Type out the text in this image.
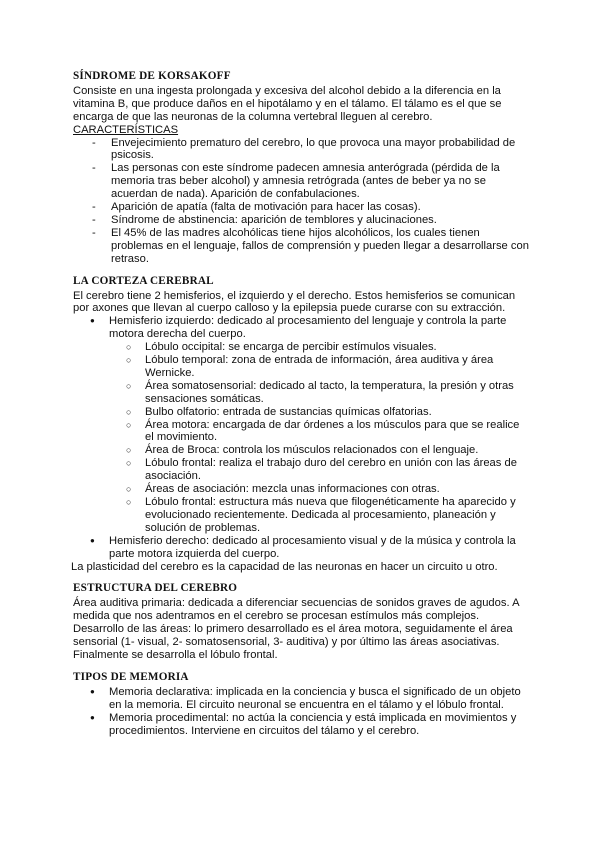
SÍNDROME DE KORSAKOFF

Consiste en una ingesta prolongada y excesiva del alcohol debido a la diferencia en la vitamina B, que produce daños en el hipotálamo y en el tálamo. El tálamo es el que se encarga de que las neuronas de la columna vertebral lleguen al cerebro.

CARACTERÍSTICAS

- Envejecimiento prematuro del cerebro, lo que provoca una mayor probabilidad de psicosis.
- Las personas con este síndrome padecen amnesia anterógrada (pérdida de la memoria tras beber alcohol) y amnesia retrógrada (antes de beber ya no se acuerdan de nada). Aparición de confabulaciones.
- Aparición de apatía (falta de motivación para hacer las cosas).
- Síndrome de abstinencia: aparición de temblores y alucinaciones.
- El 45% de las madres alcohólicas tiene hijos alcohólicos, los cuales tienen problemas en el lenguaje, fallos de comprensión y pueden llegar a desarrollarse con retraso.
LA CORTEZA CEREBRAL

El cerebro tiene 2 hemisferios, el izquierdo y el derecho. Estos hemisferios se comunican por axones que llevan al cuerpo calloso y la epilepsia puede curarse con su extracción.

● Hemisferio izquierdo: dedicado al procesamiento del lenguaje y controla la parte motora derecha del cuerpo.
○ Lóbulo occipital: se encarga de percibir estímulos visuales.
○ Lóbulo temporal: zona de entrada de información, área auditiva y área Wernicke.
○ Área somatosensorial: dedicado al tacto, la temperatura, la presión y otras sensaciones somáticas.
○ Bulbo olfatorio: entrada de sustancias químicas olfatorias.
○ Área motora: encargada de dar órdenes a los músculos para que se realice el movimiento.
○ Área de Broca: controla los músculos relacionados con el lenguaje.
○ Lóbulo frontal: realiza el trabajo duro del cerebro en unión con las áreas de asociación.
○ Áreas de asociación: mezcla unas informaciones con otras.
○ Lóbulo frontal: estructura más nueva que filogenéticamente ha aparecido y evolucionado recientemente. Dedicada al procesamiento, planeación y solución de problemas.
● Hemisferio derecho: dedicado al procesamiento visual y de la música y controla la parte motora izquierda del cuerpo.

La plasticidad del cerebro es la capacidad de las neuronas en hacer un circuito u otro.

ESTRUCTURA DEL CEREBRO

Área auditiva primaria: dedicada a diferenciar secuencias de sonidos graves de agudos. A medida que nos adentramos en el cerebro se procesan estímulos más complejos.

Desarrollo de las áreas: lo primero desarrollado es el área motora, seguidamente el área sensorial (1- visual, 2- somatosensorial, 3- auditiva) y por último las áreas asociativas. Finalmente se desarrolla el lóbulo frontal.

TIPOS DE MEMORIA
● Memoria declarativa: implicada en la conciencia y busca el significado de un objeto en la memoria. El circuito neuronal se encuentra en el tálamo y el lóbulo frontal.
● Memoria procedimental: no actúa la conciencia y está implicada en movimientos y procedimientos. Interviene en circuitos del tálamo y el cerebro.
